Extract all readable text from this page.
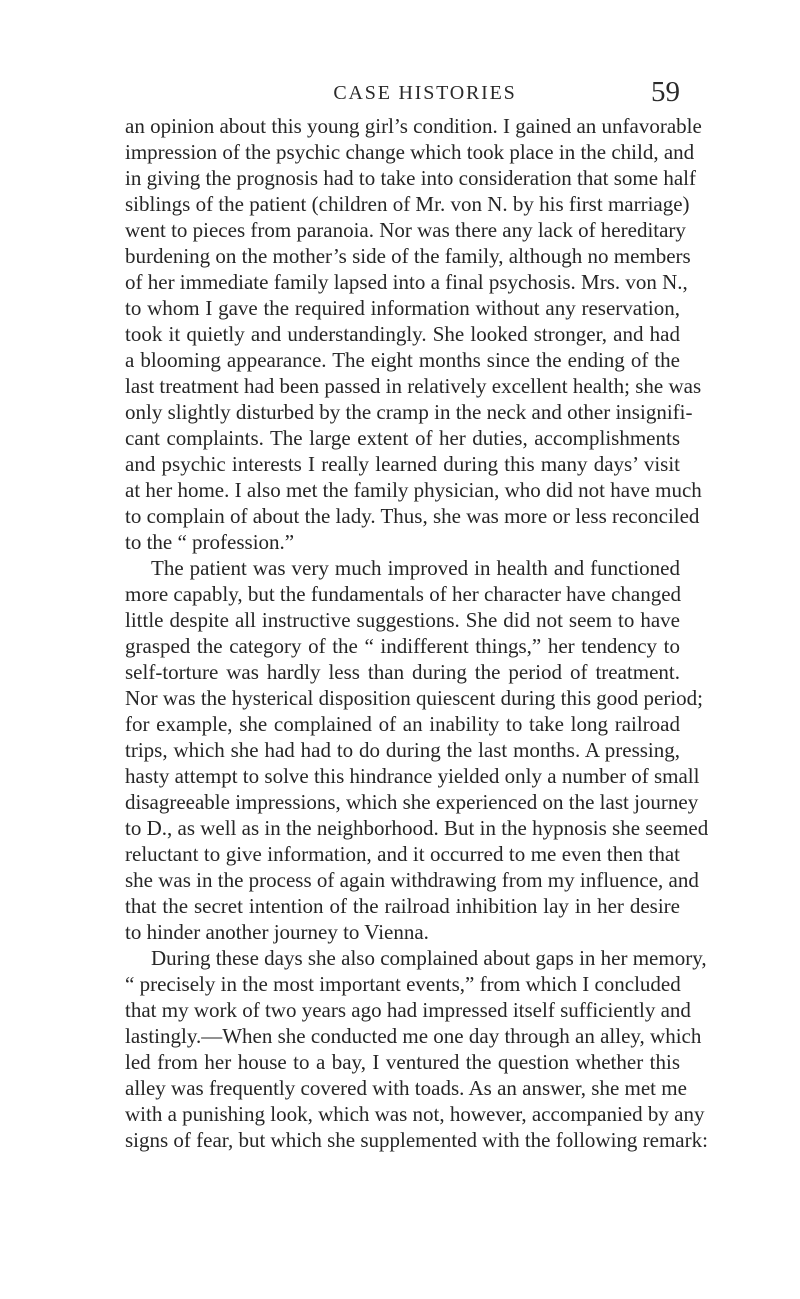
CASE HISTORIES	59
an opinion about this young girl’s condition. I gained an unfavorable
impression of the psychic change which took place in the child, and
in giving the prognosis had to take into consideration that some half
siblings of the patient (children of Mr. von N. by his first marriage)
went to pieces from paranoia. Nor was there any lack of hereditary
burdening on the mother’s side of the family, although no members
of her immediate family lapsed into a final psychosis. Mrs. von N.,
to whom I gave the required information without any reservation,
took it quietly and understandingly. She looked stronger, and had
a blooming appearance. The eight months since the ending of the
last treatment had been passed in relatively excellent health; she was
only slightly disturbed by the cramp in the neck and other insignifi-
cant complaints. The large extent of her duties, accomplishments
and psychic interests I really learned during this many days’ visit
at her home. I also met the family physician, who did not have much
to complain of about the lady. Thus, she was more or less reconciled
to the “ profession.”
The patient was very much improved in health and functioned
more capably, but the fundamentals of her character have changed
little despite all instructive suggestions. She did not seem to have
grasped the category of the “ indifferent things,” her tendency to
self-torture was hardly less than during the period of treatment.
Nor was the hysterical disposition quiescent during this good period;
for example, she complained of an inability to take long railroad
trips, which she had had to do during the last months. A pressing,
hasty attempt to solve this hindrance yielded only a number of small
disagreeable impressions, which she experienced on the last journey
to D., as well as in the neighborhood. But in the hypnosis she seemed
reluctant to give information, and it occurred to me even then that
she was in the process of again withdrawing from my influence, and
that the secret intention of the railroad inhibition lay in her desire
to hinder another journey to Vienna.
During these days she also complained about gaps in her memory,
“ precisely in the most important events,” from which I concluded
that my work of two years ago had impressed itself sufficiently and
lastingly.—When she conducted me one day through an alley, which
led from her house to a bay, I ventured the question whether this
alley was frequently covered with toads. As an answer, she met me
with a punishing look, which was not, however, accompanied by any
signs of fear, but which she supplemented with the following remark:
